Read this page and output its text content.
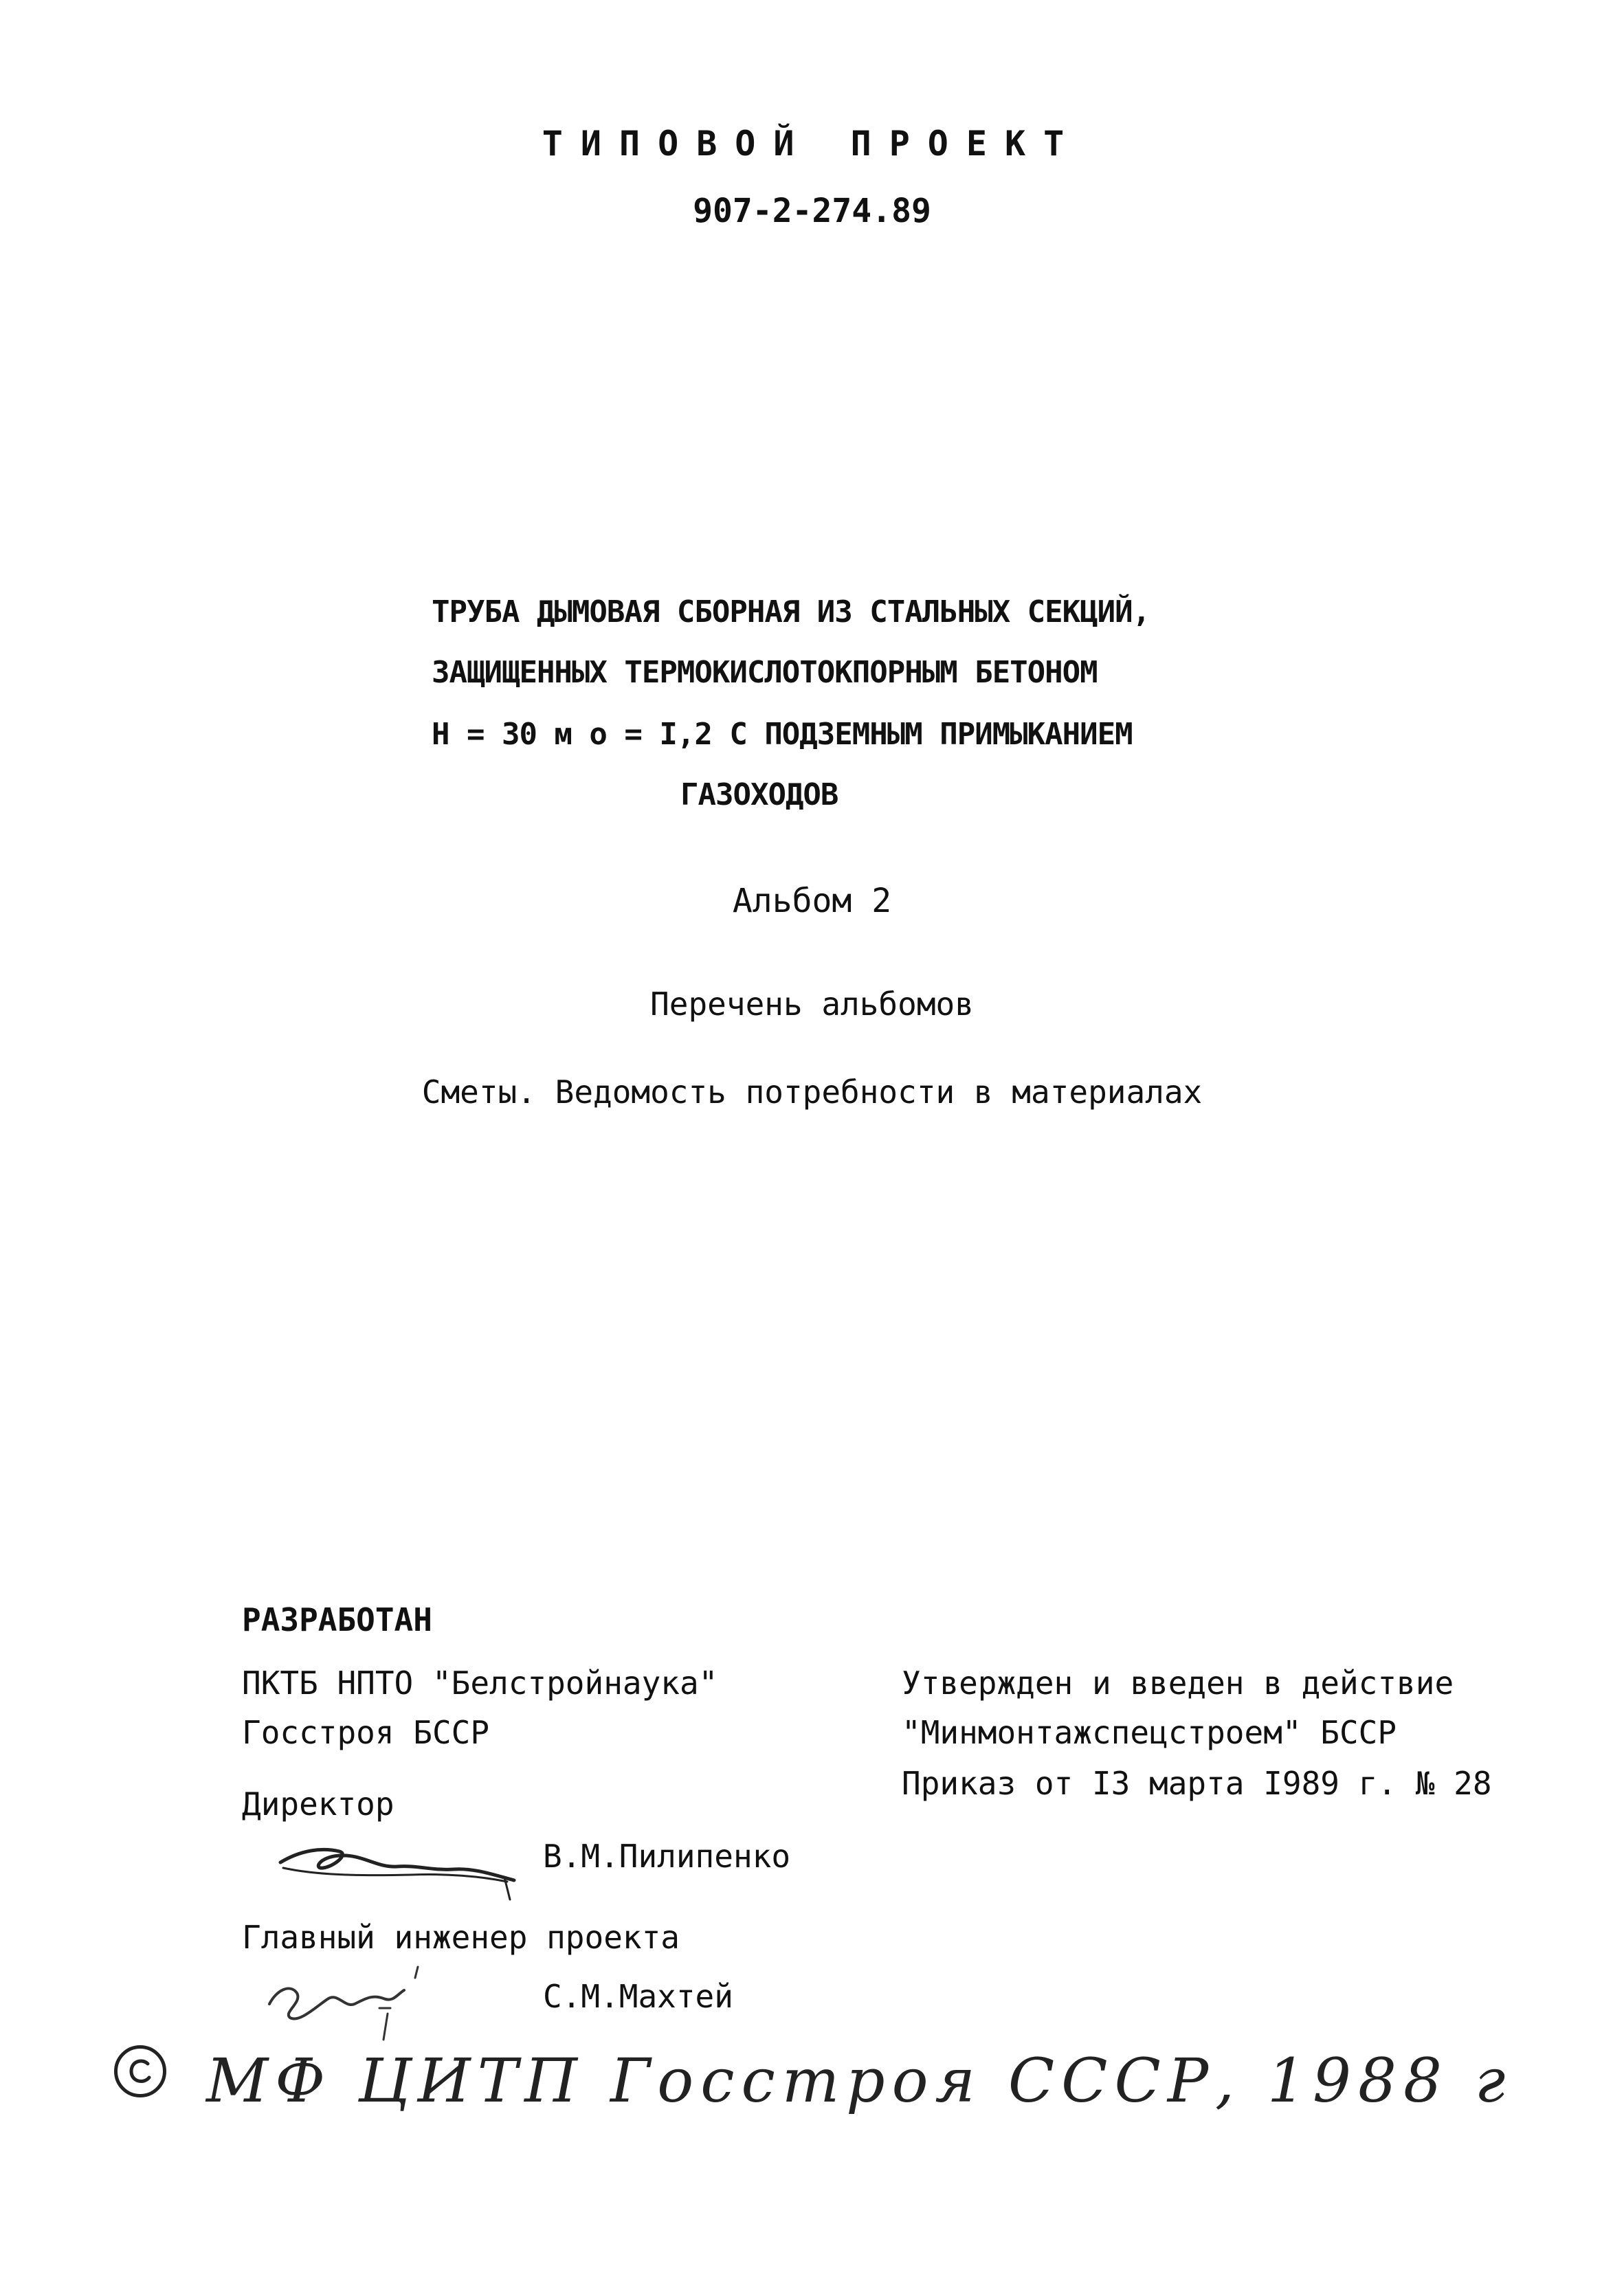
ТИПОВОЙ ПРОЕКТ
907-2-274.89
ТРУБА ДЫМОВАЯ СБОРНАЯ ИЗ СТАЛЬНЫХ СЕКЦИЙ,
ЗАЩИЩЕННЫХ ТЕРМОКИСЛОТОКПОРНЫМ БЕТОНОМ
Н = 30 м о = I,2 С ПОДЗЕМНЫМ ПРИМЫКАНИЕМ
ГАЗОХОДОВ
Альбом 2
Перечень альбомов
Сметы. Ведомость потребности в материалах
РАЗРАБОТАН
ПКТБ НПТО "Белстройнаука"
Госстроя БССР
Директор
В.М.Пилипенко
Главный инженер проекта
С.М.Махтей
Утвержден и введен в действие
"Минмонтажспецстроем" БССР
Приказ от I3 марта I989 г. № 28
МФ ЦИТП Госстроя СССР, 1988 г
